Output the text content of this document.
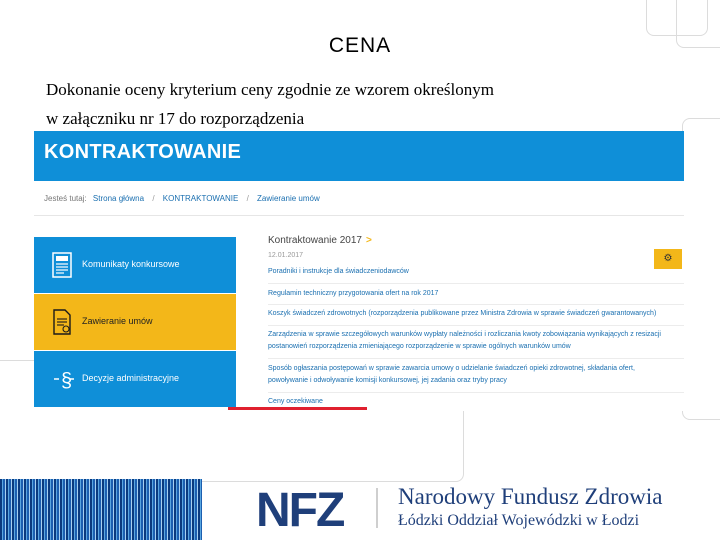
CENA
Dokonanie oceny kryterium ceny zgodnie ze wzorem określonym
w załączniku nr 17 do rozporządzenia
KONTRAKTOWANIE
Jesteś tutaj: Strona główna / KONTRAKTOWANIE / Zawieranie umów
Komunikaty konkursowe
Zawieranie umów
§ Decyzje administracyjne
Kontraktowanie 2017 >
12.01.2017	⚙
Poradniki i instrukcje dla świadczeniodawców
Regulamin techniczny przygotowania ofert na rok 2017
Koszyk świadczeń zdrowotnych (rozporządzenia publikowane przez Ministra Zdrowia w sprawie świadczeń gwarantowanych)
Zarządzenia w sprawie szczegółowych warunków wypłaty należności i rozliczania kwoty zobowiązania wynikających z resizacji
postanowień rozporządzenia zmieniającego rozporządzenie w sprawie ogólnych warunków umów
Sposób ogłaszania postępowań w sprawie zawarcia umowy o udzielanie świadczeń opieki zdrowotnej, składania ofert,
powoływanie i odwoływanie komisji konkursowej, jej zadania oraz tryby pracy
Ceny oczekiwane
NFZ Narodowy Fundusz Zdrowia
Łódzki Oddział Wojewódzki w Łodzi
